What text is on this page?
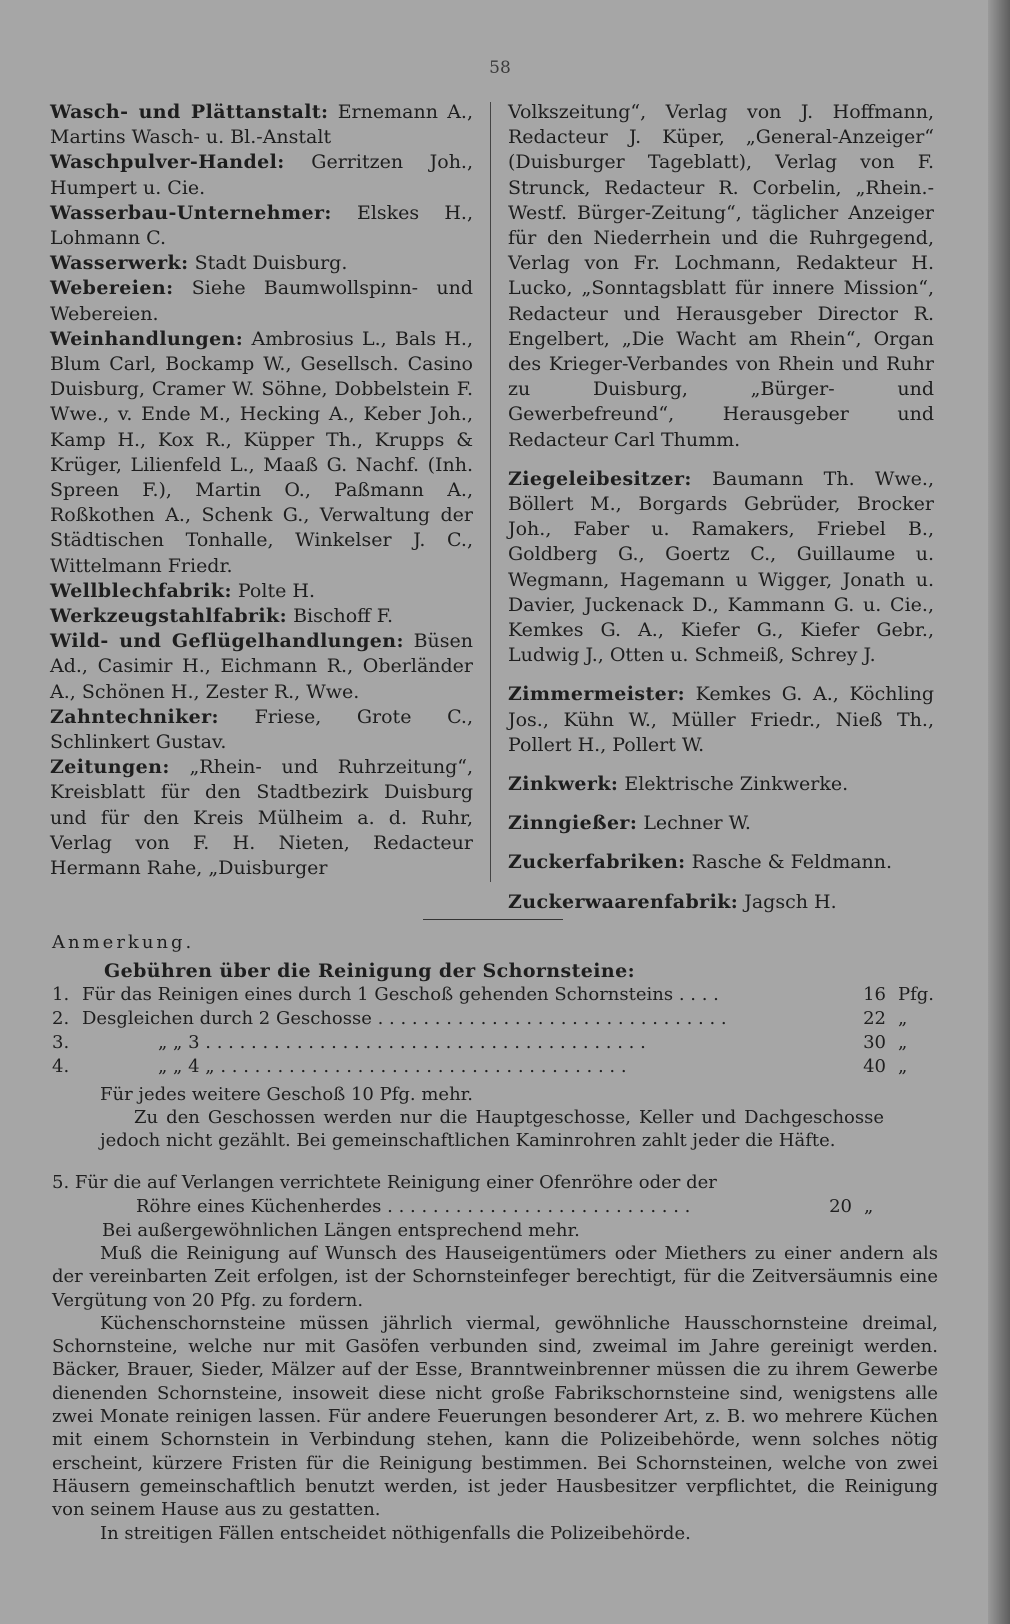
58

Wasch- und Plättanstalt: Ernemann A., Martins Wasch- u. Bl.-Anstalt

Waschpulver-Handel: Gerritzen Joh., Humpert u. Cie.

Wasserbau-Unternehmer: Elskes H., Lohmann C.

Wasserwerk: Stadt Duisburg.

Webereien: Siehe Baumwollspinn- und Webereien.

Weinhandlungen: Ambrosius L., Bals H., Blum Carl, Bockamp W., Gesellsch. Casino Duisburg, Cramer W. Söhne, Dobbelstein F. Wwe., v. Ende M., Hecking A., Keber Joh., Kamp H., Kox R., Küpper Th., Krupps & Krüger, Lilienfeld L., Maaß G. Nachf. (Inh. Spreen F.), Martin O., Paßmann A., Roßkothen A., Schenk G., Verwaltung der Städtischen Tonhalle, Winkelser J. C., Wittelmann Friedr.

Wellblechfabrik: Polte H.

Werkzeugstahlfabrik: Bischoff F.

Wild- und Geflügelhandlungen: Büsen Ad., Casimir H., Eichmann R., Oberländer A., Schönen H., Zester R., Wwe.

Zahntechniker: Friese, Grote C., Schlinkert Gustav.

Zeitungen: „Rhein- und Ruhrzeitung“, Kreisblatt für den Stadtbezirk Duisburg und für den Kreis Mülheim a. d. Ruhr, Verlag von F. H. Nieten, Redacteur Hermann Rahe, „Duisburger

Volkszeitung“, Verlag von J. Hoffmann, Redacteur J. Küper, „General-Anzeiger“ (Duisburger Tageblatt), Verlag von F. Strunck, Redacteur R. Corbelin, „Rhein.-Westf. Bürger-Zeitung“, täglicher Anzeiger für den Niederrhein und die Ruhrgegend, Verlag von Fr. Lochmann, Redakteur H. Lucko, „Sonntagsblatt für innere Mission“, Redacteur und Herausgeber Director R. Engelbert, „Die Wacht am Rhein“, Organ des Krieger-Verbandes von Rhein und Ruhr zu Duisburg, „Bürger- und Gewerbefreund“, Herausgeber und Redacteur Carl Thumm.

Ziegeleibesitzer: Baumann Th. Wwe., Böllert M., Borgards Gebrüder, Brocker Joh., Faber u. Ramakers, Friebel B., Goldberg G., Goertz C., Guillaume u. Wegmann, Hagemann u Wigger, Jonath u. Davier, Juckenack D., Kammann G. u. Cie., Kemkes G. A., Kiefer G., Kiefer Gebr., Ludwig J., Otten u. Schmeiß, Schrey J.

Zimmermeister: Kemkes G. A., Köchling Jos., Kühn W., Müller Friedr., Nieß Th., Pollert H., Pollert W.

Zinkwerk: Elektrische Zinkwerke.

Zinngießer: Lechner W.

Zuckerfabriken: Rasche & Feldmann.

Zuckerwaarenfabrik: Jagsch H.

Anmerkung.
Gebühren über die Reinigung der Schornsteine:
1. Für das Reinigen eines durch 1 Geschoß gehenden Schornsteins . . . .	16 Pfg.
2. Desgleichen durch 2 Geschosse . . . . . . . . . . . . . . . . . . . . . . . . . . . . . . .	22 „
3.	„ „ 3 . . . . . . . . . . . . . . . . . . . . . . . . . . . . . . . . . . . . . . .	30 „
4.	„ „ 4 „ . . . . . . . . . . . . . . . . . . . . . . . . . . . . . . . . . . . .	40 „

Für jedes weitere Geschoß 10 Pfg. mehr.

Zu den Geschossen werden nur die Hauptgeschosse, Keller und Dachgeschosse jedoch nicht gezählt. Bei gemeinschaftlichen Kaminrohren zahlt jeder die Häfte.

5. Für die auf Verlangen verrichtete Reinigung einer Ofenröhre oder der
Röhre eines Küchenherdes . . . . . . . . . . . . . . . . . . . . . . . . . . .	20 „
Bei außergewöhnlichen Längen entsprechend mehr.

Muß die Reinigung auf Wunsch des Hauseigentümers oder Miethers zu einer andern als der vereinbarten Zeit erfolgen, ist der Schornsteinfeger berechtigt, für die Zeitversäumnis eine Vergütung von 20 Pfg. zu fordern.

Küchenschornsteine müssen jährlich viermal, gewöhnliche Hausschornsteine dreimal, Schornsteine, welche nur mit Gasöfen verbunden sind, zweimal im Jahre gereinigt werden. Bäcker, Brauer, Sieder, Mälzer auf der Esse, Branntweinbrenner müssen die zu ihrem Gewerbe dienenden Schornsteine, insoweit diese nicht große Fabrikschornsteine sind, wenigstens alle zwei Monate reinigen lassen. Für andere Feuerungen besonderer Art, z. B. wo mehrere Küchen mit einem Schornstein in Verbindung stehen, kann die Polizeibehörde, wenn solches nötig erscheint, kürzere Fristen für die Reinigung bestimmen. Bei Schornsteinen, welche von zwei Häusern gemeinschaftlich benutzt werden, ist jeder Hausbesitzer verpflichtet, die Reinigung von seinem Hause aus zu gestatten.

In streitigen Fällen entscheidet nöthigenfalls die Polizeibehörde.
